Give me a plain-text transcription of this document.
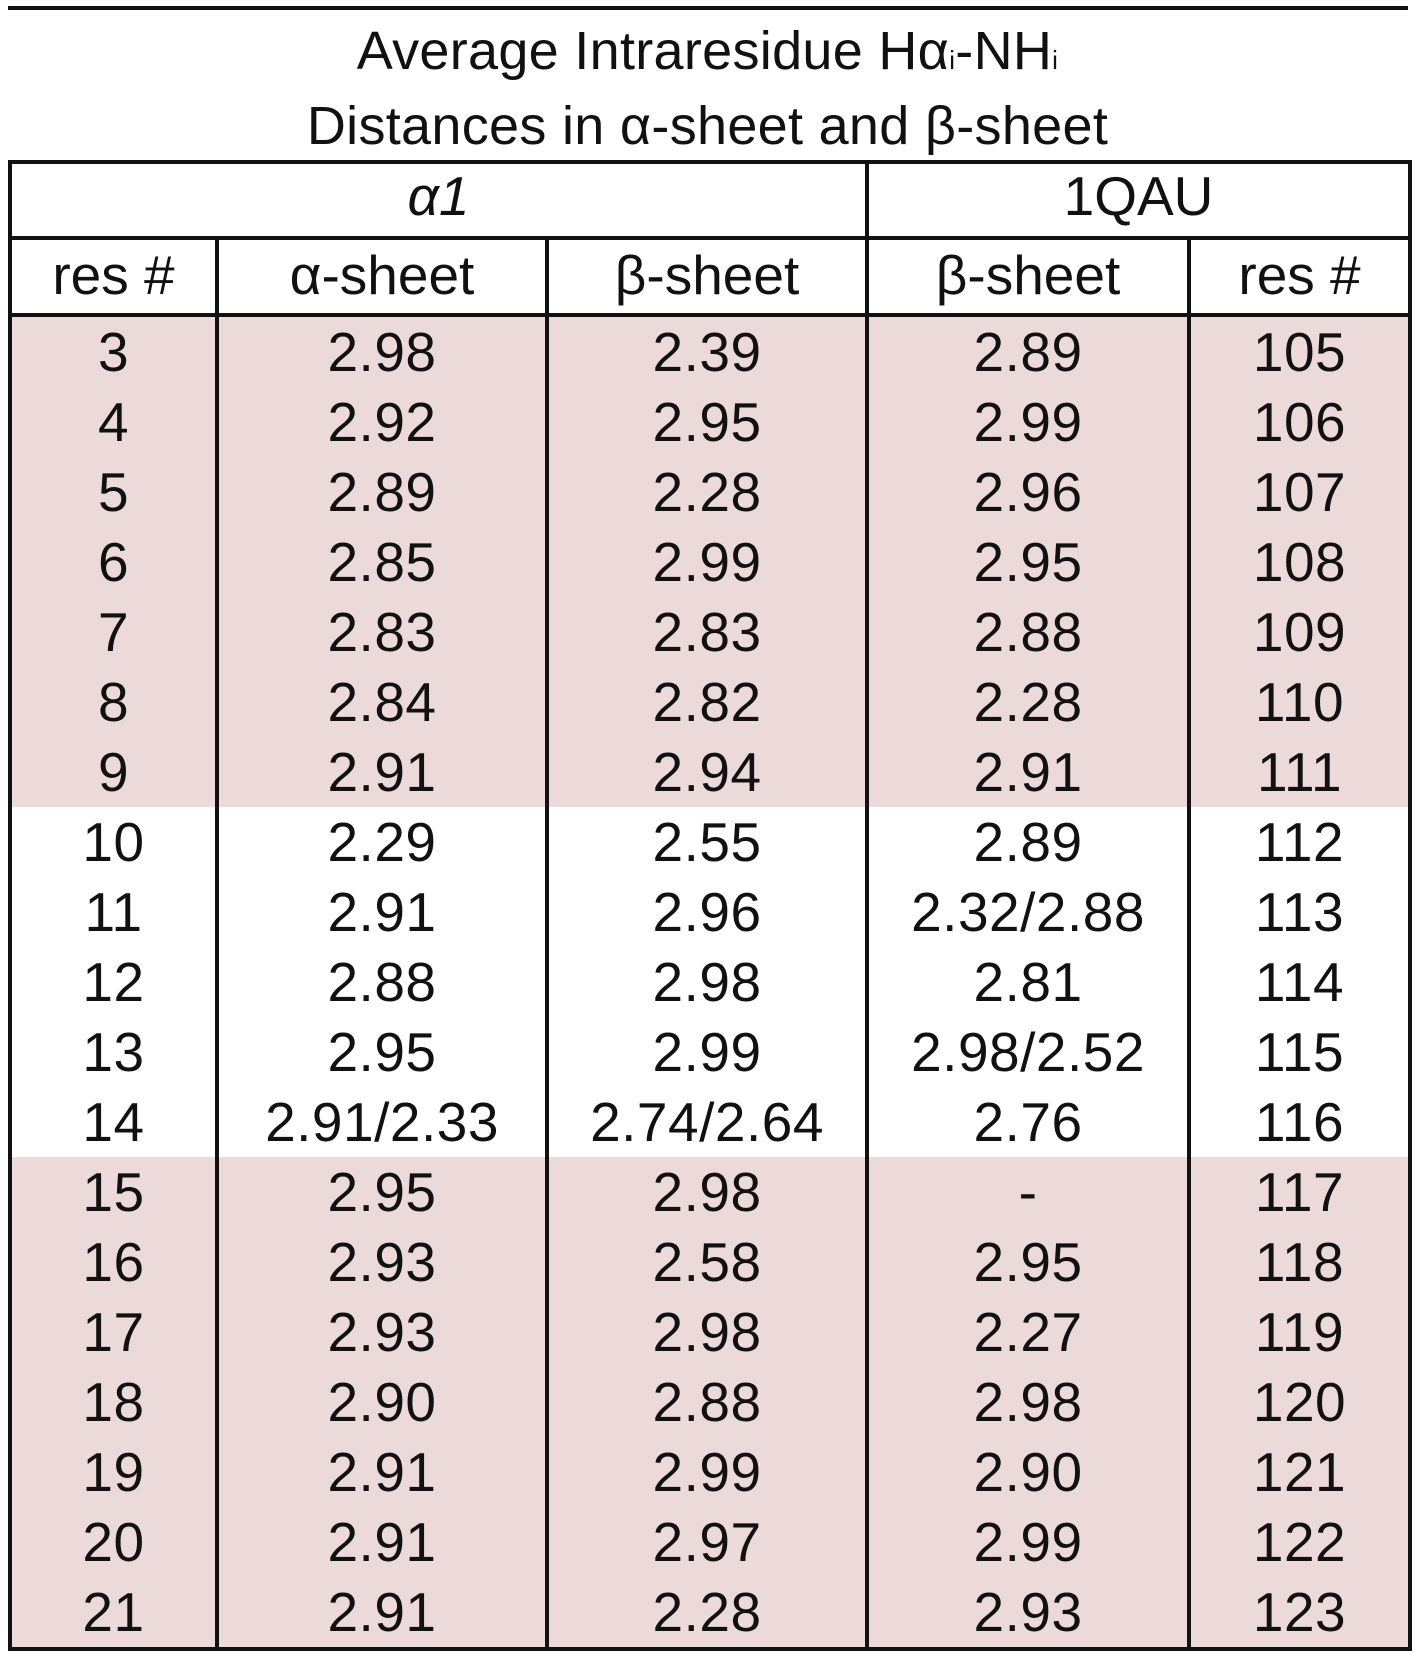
Average Intraresidue Hαi-NHi
Distances in α-sheet and β-sheet
α1			1QAU	
res #	α-sheet	β-sheet	β-sheet	res #
3	2.98	2.39	2.89	105
4	2.92	2.95	2.99	106
5	2.89	2.28	2.96	107
6	2.85	2.99	2.95	108
7	2.83	2.83	2.88	109
8	2.84	2.82	2.28	110
9	2.91	2.94	2.91	111
10	2.29	2.55	2.89	112
11	2.91	2.96	2.32/2.88	113
12	2.88	2.98	2.81	114
13	2.95	2.99	2.98/2.52	115
14	2.91/2.33	2.74/2.64	2.76	116
15	2.95	2.98	-	117
16	2.93	2.58	2.95	118
17	2.93	2.98	2.27	119
18	2.90	2.88	2.98	120
19	2.91	2.99	2.90	121
20	2.91	2.97	2.99	122
21	2.91	2.28	2.93	123
